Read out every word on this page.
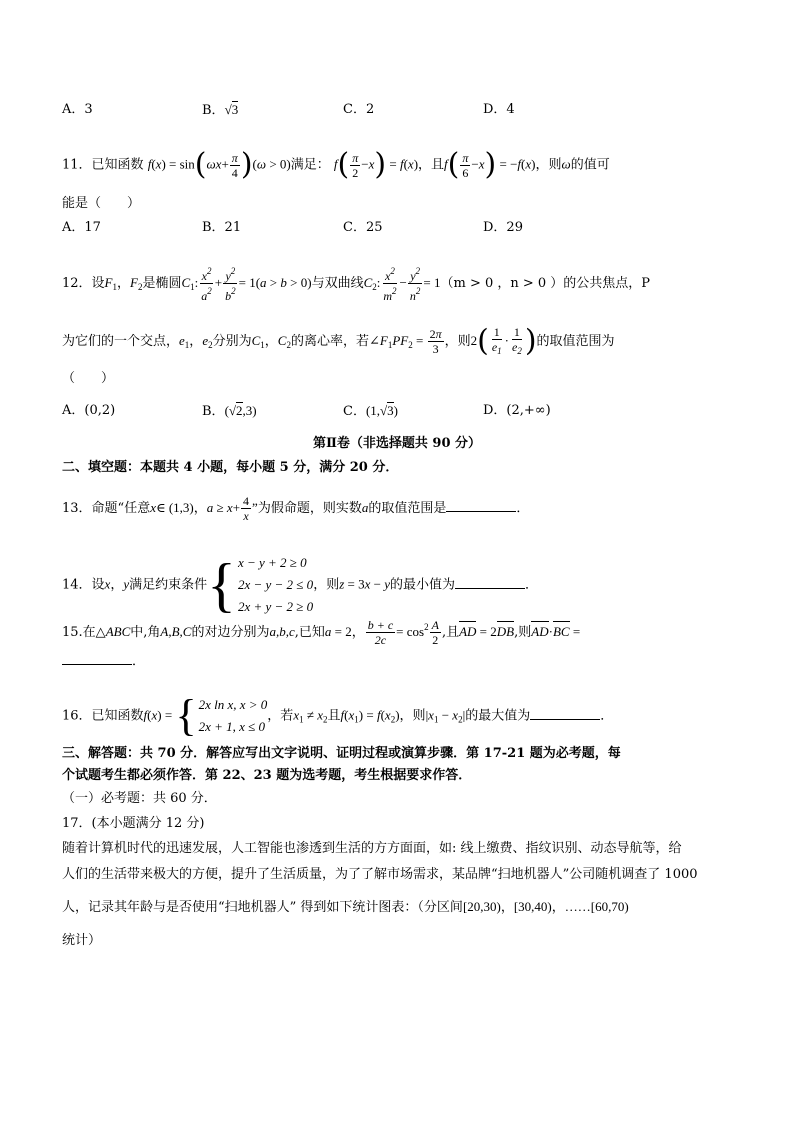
A．3	B．√3	C．2	D．4
11．已知函数 $f(x) = \sin(\omega x+ \frac{\pi}{4} )(\omega > 0)$满足： $f( \frac{\pi}{2} -x) = f(x)$，且$f( \frac{\pi}{6} -x) = -f(x)$，则ω的值可
能是（　　）
A．17	B．21	C．25	D．29
12．设$F_1$，$F_2$是椭圆$C_1$: $\frac{x^2}{a^2} + \frac{y^2}{b^2} = 1(a > b > 0)$与双曲线$C_2$: $\frac{x^2}{m^2} - \frac{y^2}{n^2} = 1(m > 0$ ，n > 0 ）的公共焦点，P
为它们的一个交点，$e_1$，$e_2$分别为$C_1$，$C_2$的离心率，若$\angle F_1PF_2 = \frac{2\pi}{3}$ ，则$2( \frac{1}{e_1} \cdot \frac{1}{e_2}$ )的取值范围为
（　　）
A．(0,2)	B．(√2,3)	C．(1,√3)	D．(2,+∞)
第Ⅱ卷（非选择题共 90 分）
二、填空题：本题共 4 小题，每小题 5 分，满分 20 分．
13．命题“任意x∈ (1,3)，$a \ge x+ \frac{4}{x}$ ”为假命题，则实数a的取值范围是	．
14．设x，y满足约束条件 { x − y + 2 ≥ 0
2x − y − 2 ≤ 0
2x + y − 2 ≥ 0
，则z = 3x − y的最小值为	．
15.在△ABC中,角A,B,C的对边分别为a,b,c,已知a = 2， $\frac{b + c}{2c} = \cos^2 \frac{A}{2}$ ,且AD = 2DB,则AD·BC =
．
16．已知函数f(x) = { 2x ln x, x > 0
2x + 1, x ≤ 0
，若$x_1 \ne x_2$且$f(x_1) = f(x_2)$，则$|x_1 - x_2|$的最大值为	．
三、解答题：共 70 分．解答应写出文字说明、证明过程或演算步骤．第 17-21 题为必考题，每
个试题考生都必须作答．第 22、23 题为选考题，考生根据要求作答．
（一）必考题：共 60 分．
17．(本小题满分 12 分)
随着计算机时代的迅速发展，人工智能也渗透到生活的方方面面，如: 线上缴费、指纹识别、动态导航等，给
人们的生活带来极大的方便，提升了生活质量，为了了解市场需求，某品牌“扫地机器人”公司随机调查了 1000
人，记录其年龄与是否使用“扫地机器人” 得到如下统计图表：（分区间[20,30)，[30,40)，……[60,70)
统计）
